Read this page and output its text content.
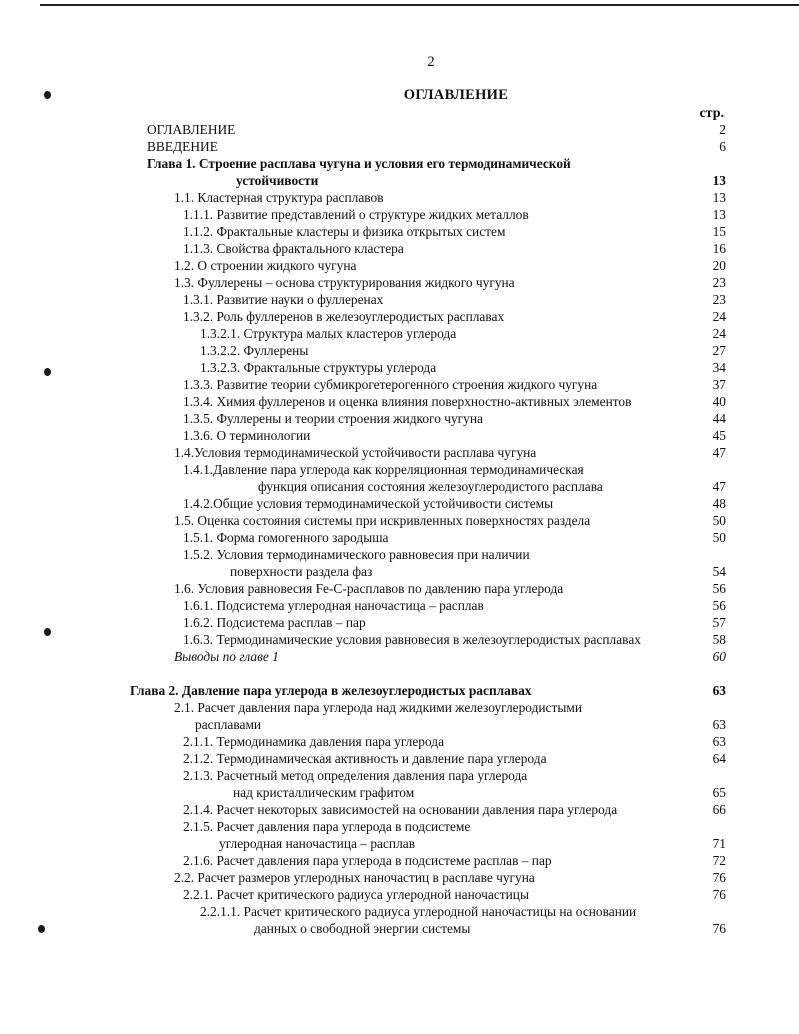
2
ОГЛАВЛЕНИЕ
стр.
ОГЛАВЛЕНИЕ	2
ВВЕДЕНИЕ	6
Глава 1. Строение расплава чугуна и условия его термодинамической
устойчивости	13
1.1. Кластерная структура расплавов	13
1.1.1. Развитие представлений о структуре жидких металлов	13
1.1.2. Фрактальные кластеры и физика открытых систем	15
1.1.3. Свойства фрактального кластера	16
1.2. О строении жидкого чугуна	20
1.3. Фуллерены – основа структурирования жидкого чугуна	23
1.3.1. Развитие науки о фуллеренах	23
1.3.2. Роль фуллеренов в железоуглеродистых расплавах	24
1.3.2.1. Структура малых кластеров углерода	24
1.3.2.2. Фуллерены	27
1.3.2.3. Фрактальные структуры углерода	34
1.3.3. Развитие теории субмикрогетерогенного строения жидкого чугуна	37
1.3.4. Химия фуллеренов и оценка влияния поверхностно-активных элементов	40
1.3.5. Фуллерены и теории строения жидкого чугуна	44
1.3.6. О терминологии	45
1.4.Условия термодинамической устойчивости расплава чугуна	47
1.4.1.Давление пара углерода как корреляционная термодинамическая
функция описания состояния железоуглеродистого расплава	47
1.4.2.Общие условия термодинамической устойчивости системы	48
1.5. Оценка состояния системы при искривленных поверхностях раздела	50
1.5.1. Форма гомогенного зародыша	50
1.5.2. Условия термодинамического равновесия при наличии
поверхности раздела фаз	54
1.6. Условия равновесия Fe-C-расплавов по давлению пара углерода	56
1.6.1. Подсистема углеродная наночастица – расплав	56
1.6.2. Подсистема расплав – пар	57
1.6.3. Термодинамические условия равновесия в железоуглеродистых расплавах	58
Выводы по главе 1	60
Глава 2. Давление пара углерода в железоуглеродистых расплавах	63
2.1. Расчет давления пара углерода над жидкими железоуглеродистыми
расплавами	63
2.1.1. Термодинамика давления пара углерода	63
2.1.2. Термодинамическая активность и давление пара углерода	64
2.1.3. Расчетный метод определения давления пара углерода
над кристаллическим графитом	65
2.1.4. Расчет некоторых зависимостей на основании давления пара углерода	66
2.1.5. Расчет давления пара углерода в подсистеме
углеродная наночастица – расплав	71
2.1.6. Расчет давления пара углерода в подсистеме расплав – пар	72
2.2. Расчет размеров углеродных наночастиц в расплаве чугуна	76
2.2.1. Расчет критического радиуса углеродной наночастицы	76
2.2.1.1. Расчет критического радиуса углеродной наночастицы на основании
данных о свободной энергии системы	76
